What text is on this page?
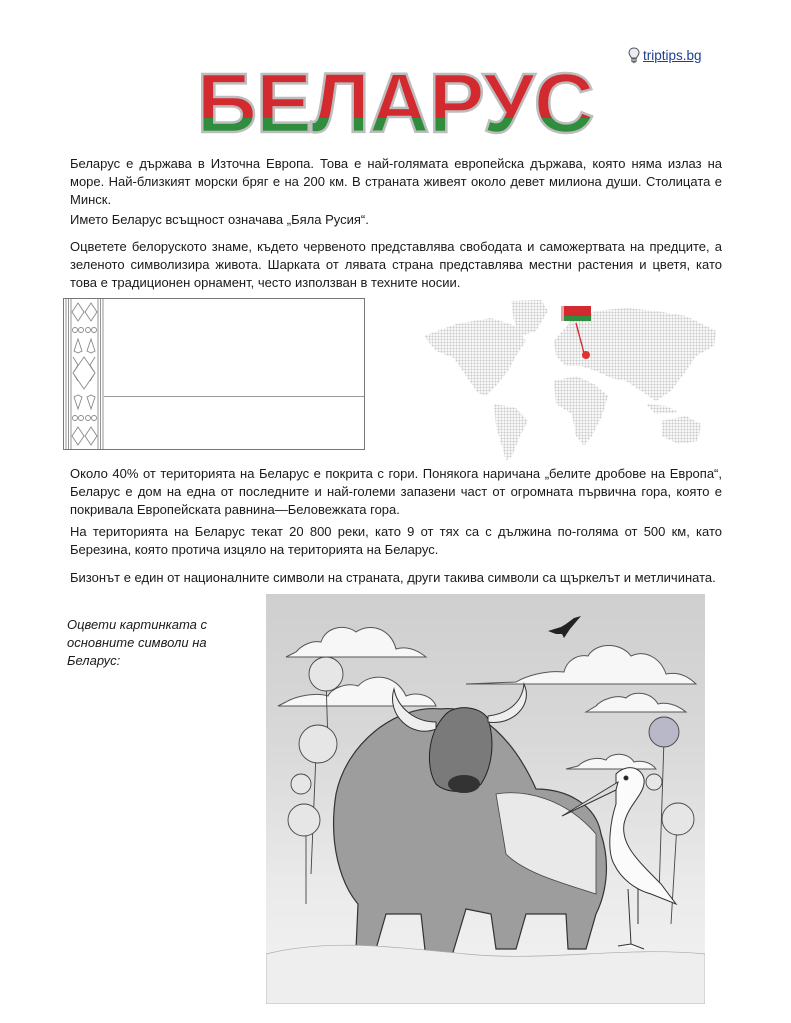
triptips.bg
БЕЛАРУС

Беларус е държава в Източна Европа. Това е най-голямата европейска държава, която няма излаз на море. Най-близкият морски бряг е на 200 км. В страната живеят около девет милиона души. Столицата е Минск.

Името Беларус всъщност означава „Бяла Русия“.

Оцветете белоруското знаме, където червеното представлява свободата и саможертвата на предците, а зеленото символизира живота. Шарката от лявата страна представлява местни растения и цветя, като това е традиционен орнамент, често използван в техните носии.

Около 40% от територията на Беларус е покрита с гори. Понякога наричана „белите дробове на Европа“, Беларус е дом на една от последните и най-големи запазени част от огромната първична гора, която е покривала Европейската равнина—Беловежката гора.

На територията на Беларус текат 20 800 реки, като 9 от тях са с дължина по-голяма от 500 км, като Березина, която протича изцяло на територията на Беларус.

Бизонът е един от националните символи на страната, други такива символи са щъркелът и метличината.

Оцвети картинката с основните символи на Беларус:
